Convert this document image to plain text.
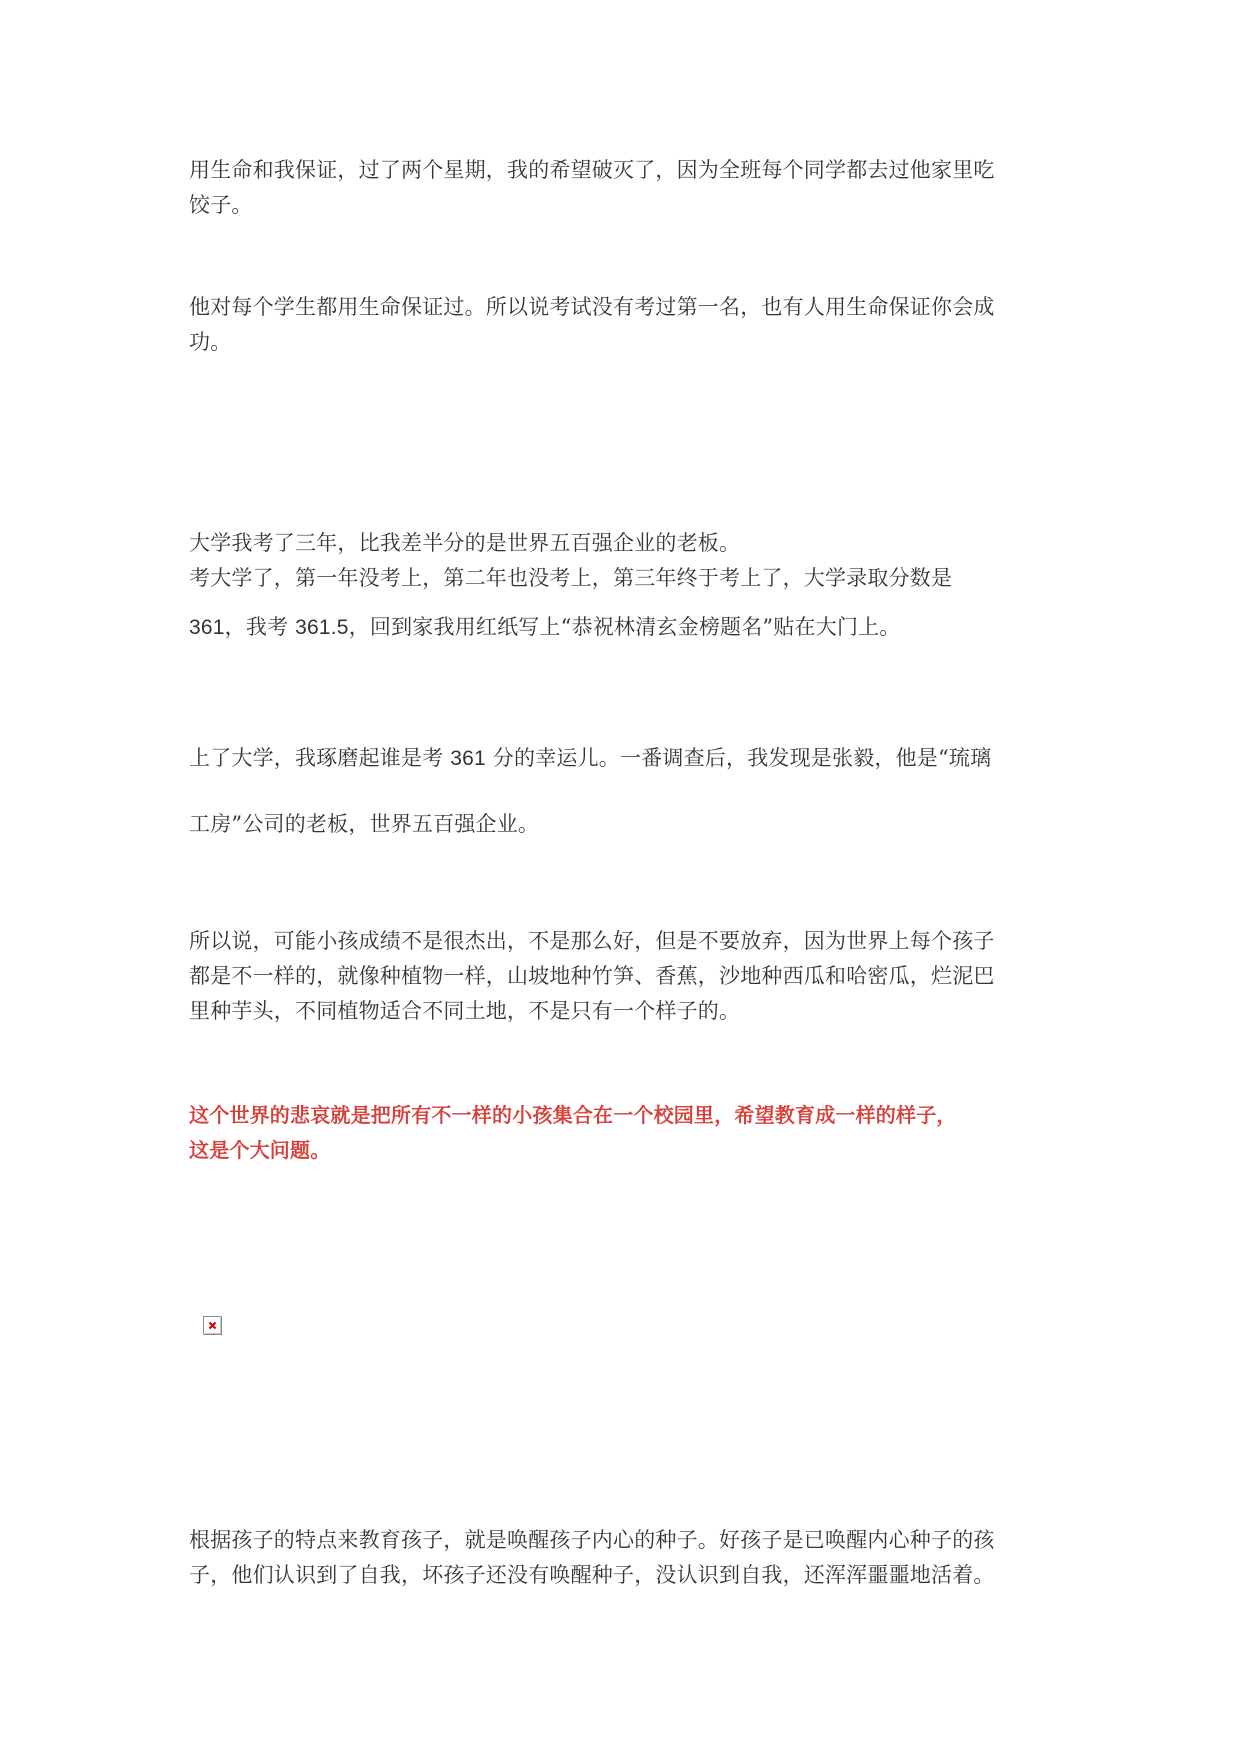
用生命和我保证，过了两个星期，我的希望破灭了，因为全班每个同学都去过他家里吃
饺子。
他对每个学生都用生命保证过。所以说考试没有考过第一名，也有人用生命保证你会成
功。
大学我考了三年，比我差半分的是世界五百强企业的老板。
考大学了，第一年没考上，第二年也没考上，第三年终于考上了，大学录取分数是
361，我考 361.5，回到家我用红纸写上“恭祝林清玄金榜题名”贴在大门上。
上了大学，我琢磨起谁是考 361 分的幸运儿。一番调查后，我发现是张毅，他是“琉璃
工房”公司的老板，世界五百强企业。
所以说，可能小孩成绩不是很杰出，不是那么好，但是不要放弃，因为世界上每个孩子
都是不一样的，就像种植物一样，山坡地种竹笋、香蕉，沙地种西瓜和哈密瓜，烂泥巴
里种芋头，不同植物适合不同土地，不是只有一个样子的。
这个世界的悲哀就是把所有不一样的小孩集合在一个校园里，希望教育成一样的样子，
这是个大问题。
根据孩子的特点来教育孩子，就是唤醒孩子内心的种子。好孩子是已唤醒内心种子的孩
子，他们认识到了自我，坏孩子还没有唤醒种子，没认识到自我，还浑浑噩噩地活着。
